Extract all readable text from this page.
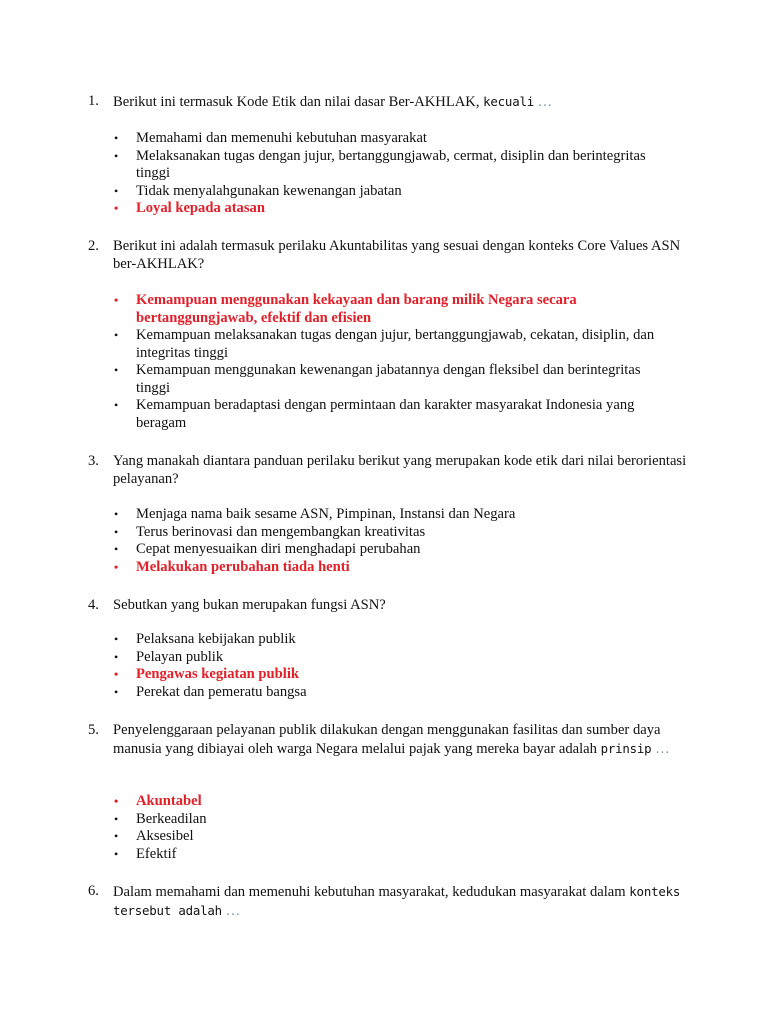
1. Berikut ini termasuk Kode Etik dan nilai dasar Ber-AKHLAK, kecuali …
• Memahami dan memenuhi kebutuhan masyarakat
• Melaksanakan tugas dengan jujur, bertanggungjawab, cermat, disiplin dan berintegritas tinggi
• Tidak menyalahgunakan kewenangan jabatan
• Loyal kepada atasan
2. Berikut ini adalah termasuk perilaku Akuntabilitas yang sesuai dengan konteks Core Values ASN ber-AKHLAK?
• Kemampuan menggunakan kekayaan dan barang milik Negara secara bertanggungjawab, efektif dan efisien
• Kemampuan melaksanakan tugas dengan jujur, bertanggungjawab, cekatan, disiplin, dan integritas tinggi
• Kemampuan menggunakan kewenangan jabatannya dengan fleksibel dan berintegritas tinggi
• Kemampuan beradaptasi dengan permintaan dan karakter masyarakat Indonesia yang beragam
3. Yang manakah diantara panduan perilaku berikut yang merupakan kode etik dari nilai berorientasi pelayanan?
• Menjaga nama baik sesame ASN, Pimpinan, Instansi dan Negara
• Terus berinovasi dan mengembangkan kreativitas
• Cepat menyesuaikan diri menghadapi perubahan
• Melakukan perubahan tiada henti
4. Sebutkan yang bukan merupakan fungsi ASN?
• Pelaksana kebijakan publik
• Pelayan publik
• Pengawas kegiatan publik
• Perekat dan pemeratu bangsa
5. Penyelenggaraan pelayanan publik dilakukan dengan menggunakan fasilitas dan sumber daya manusia yang dibiayai oleh warga Negara melalui pajak yang mereka bayar adalah prinsip …
• Akuntabel
• Berkeadilan
• Aksesibel
• Efektif
6. Dalam memahami dan memenuhi kebutuhan masyarakat, kedudukan masyarakat dalam konteks tersebut adalah …
